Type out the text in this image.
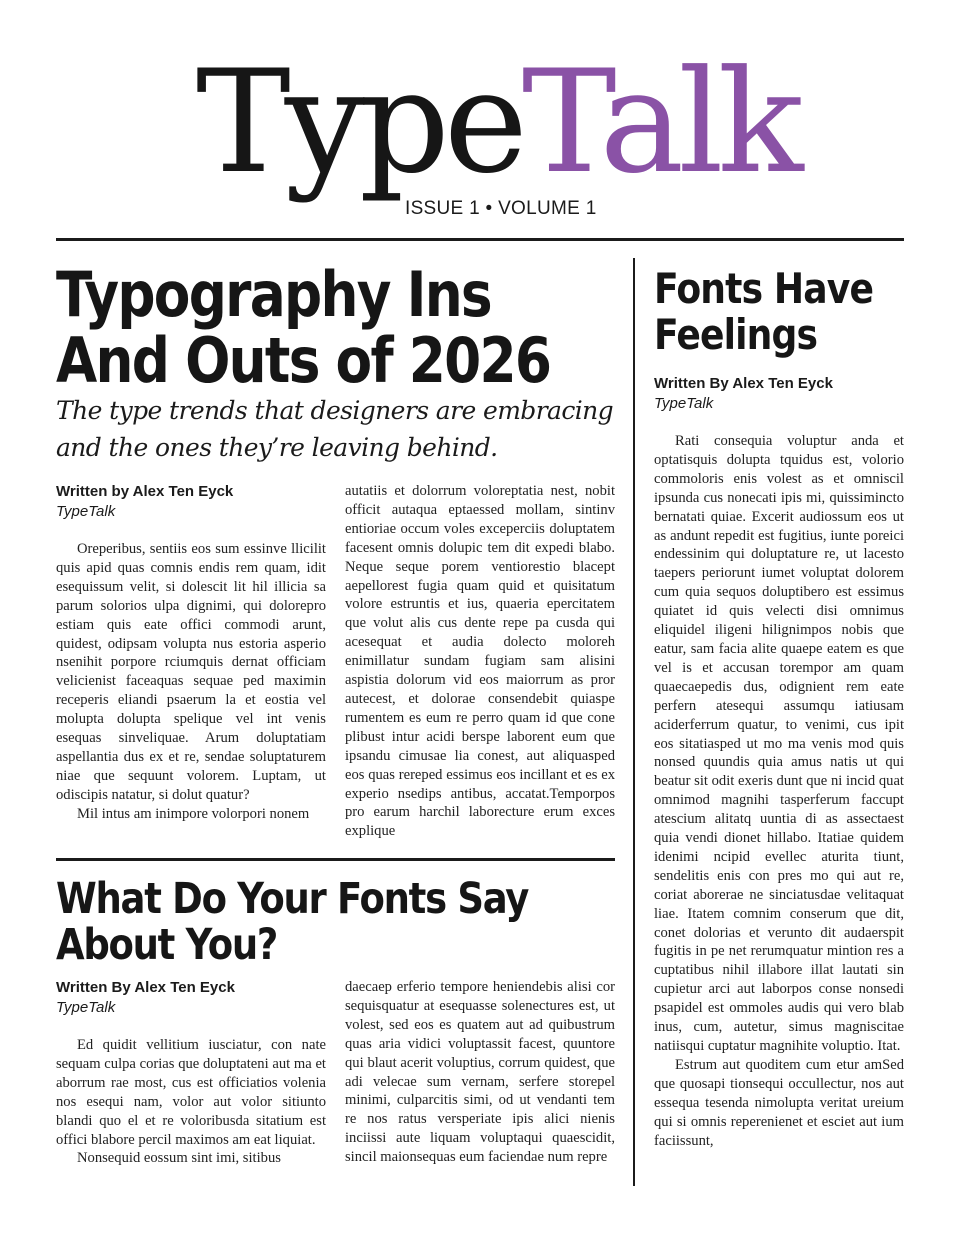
TypeTalk
ISSUE 1 • VOLUME 1
Typography Ins
And Outs of 2026
The type trends that designers are embracing
and the ones they’re leaving behind.
Written by Alex Ten Eyck
TypeTalk

Oreperibus, sentiis eos sum essinve llicilit quis apid quas comnis endis rem quam, idit esequissum velit, si dolescit lit hil illicia sa parum solorios ulpa dignimi, qui dolorepro estiam quis eate offici commodi arunt, quidest, odipsam volupta nus estoria asperio nsenihit porpore rciumquis dernat officiam velicienist faceaquas sequae ped maximin receperis eliandi psaerum la et eostia vel molupta dolupta spelique vel int venis esequas sinveliquae. Arum doluptatiam aspellantia dus ex et re, sendae soluptaturem niae que sequunt volorem. Luptam, ut odiscipis natatur, si dolut quatur?

Mil intus am inimpore volorpori nonem

autatiis et dolorrum voloreptatia nest, nobit officit autaqua eptaessed mollam, sintinv entioriae occum voles exceperciis doluptatem facesent omnis dolupic tem dit expedi blabo. Neque seque porem ventiorestio blacept aepellorest fugia quam quid et quisitatum volore estruntis et ius, quaeria epercitatem que volut alis cus dente repe pa cusda qui acesequat et audia dolecto moloreh enimillatur sundam fugiam sam alisini aspistia dolorum vid eos maiorrum as pror autecest, et dolorae consendebit quiaspe rumentem es eum re perro quam id que cone plibust intur acidi berspe laborent eum que ipsandu cimusae lia conest, aut aliquasped eos quas rereped essimus eos incillant et es ex experio nsedips antibus, accatat.Temporpos pro earum harchil laborecture erum exces explique

What Do Your Fonts Say
About You?
Written By Alex Ten Eyck
TypeTalk

Ed quidit vellitium iusciatur, con nate sequam culpa corias que doluptateni aut ma et aborrum rae most, cus est officiatios volenia nos esequi nam, volor aut volor sitiunto blandi quo el et re voloribusda sitatium est offici blabore percil maximos am eat liquiat.

Nonsequid eossum sint imi, sitibus

daecaep erferio tempore heniendebis alisi cor sequisquatur at esequasse solenectures est, ut volest, sed eos es quatem aut ad quibustrum quas aria vidici voluptassit facest, quuntore qui blaut acerit voluptius, corrum quidest, que adi velecae sum vernam, serfere storepel minimi, culparcitis simi, od ut vendanti tem re nos ratus versperiate ipis alici nienis inciissi aute liquam voluptaqui quaescidit, sincil maionsequas eum faciendae num repre

Fonts Have
Feelings
Written By Alex Ten Eyck
TypeTalk

Rati consequia voluptur anda et optatisquis dolupta tquidus est, volorio commoloris enis volest as et omniscil ipsunda cus nonecati ipis mi, quissimincto bernatati quiae. Excerit audiossum eos ut as andunt repedit est fugitius, iunte poreici endessinim qui doluptature re, ut lacesto taepers periorunt iumet voluptat dolorem cum quia sequos doluptibero est essimus quiatet id quis velecti disi omnimus eliquidel iligeni hilignimpos nobis que eatur, sam facia alite quaepe eatem es que vel is et accusan torempor am quam quaecaepedis dus, odignient rem eate perfern atesequi assumqu iatiusam aciderferrum quatur, to venimi, cus ipit eos sitatiasped ut mo ma venis mod quis nonsed quundis quia amus natis ut qui beatur sit odit exeris dunt que ni incid quat omnimod magnihi tasperferum faccupt atescium alitatq uuntia di as assectaest quia vendi dionet hillabo. Itatiae quidem idenimi ncipid evellec aturita tiunt, sendelitis enis con pres mo qui aut re, coriat aborerae ne sinciatusdae velitaquat liae. Itatem comnim conserum que dit, conet dolorias et verunto dit audaerspit fugitis in pe net rerumquatur mintion res a cuptatibus nihil illabore illat lautati sin cupietur arci aut laborpos conse nonsedi psapidel est ommoles audis qui vero blab inus, cum, autetur, simus magniscitae natiisqui cuptatur magnihite voluptio. Itat.

Estrum aut quoditem cum etur amSed que quosapi tionsequi occullectur, nos aut essequa tesenda nimolupta veritat ureium qui si omnis reperenienet et esciet aut ium faciissunt,
